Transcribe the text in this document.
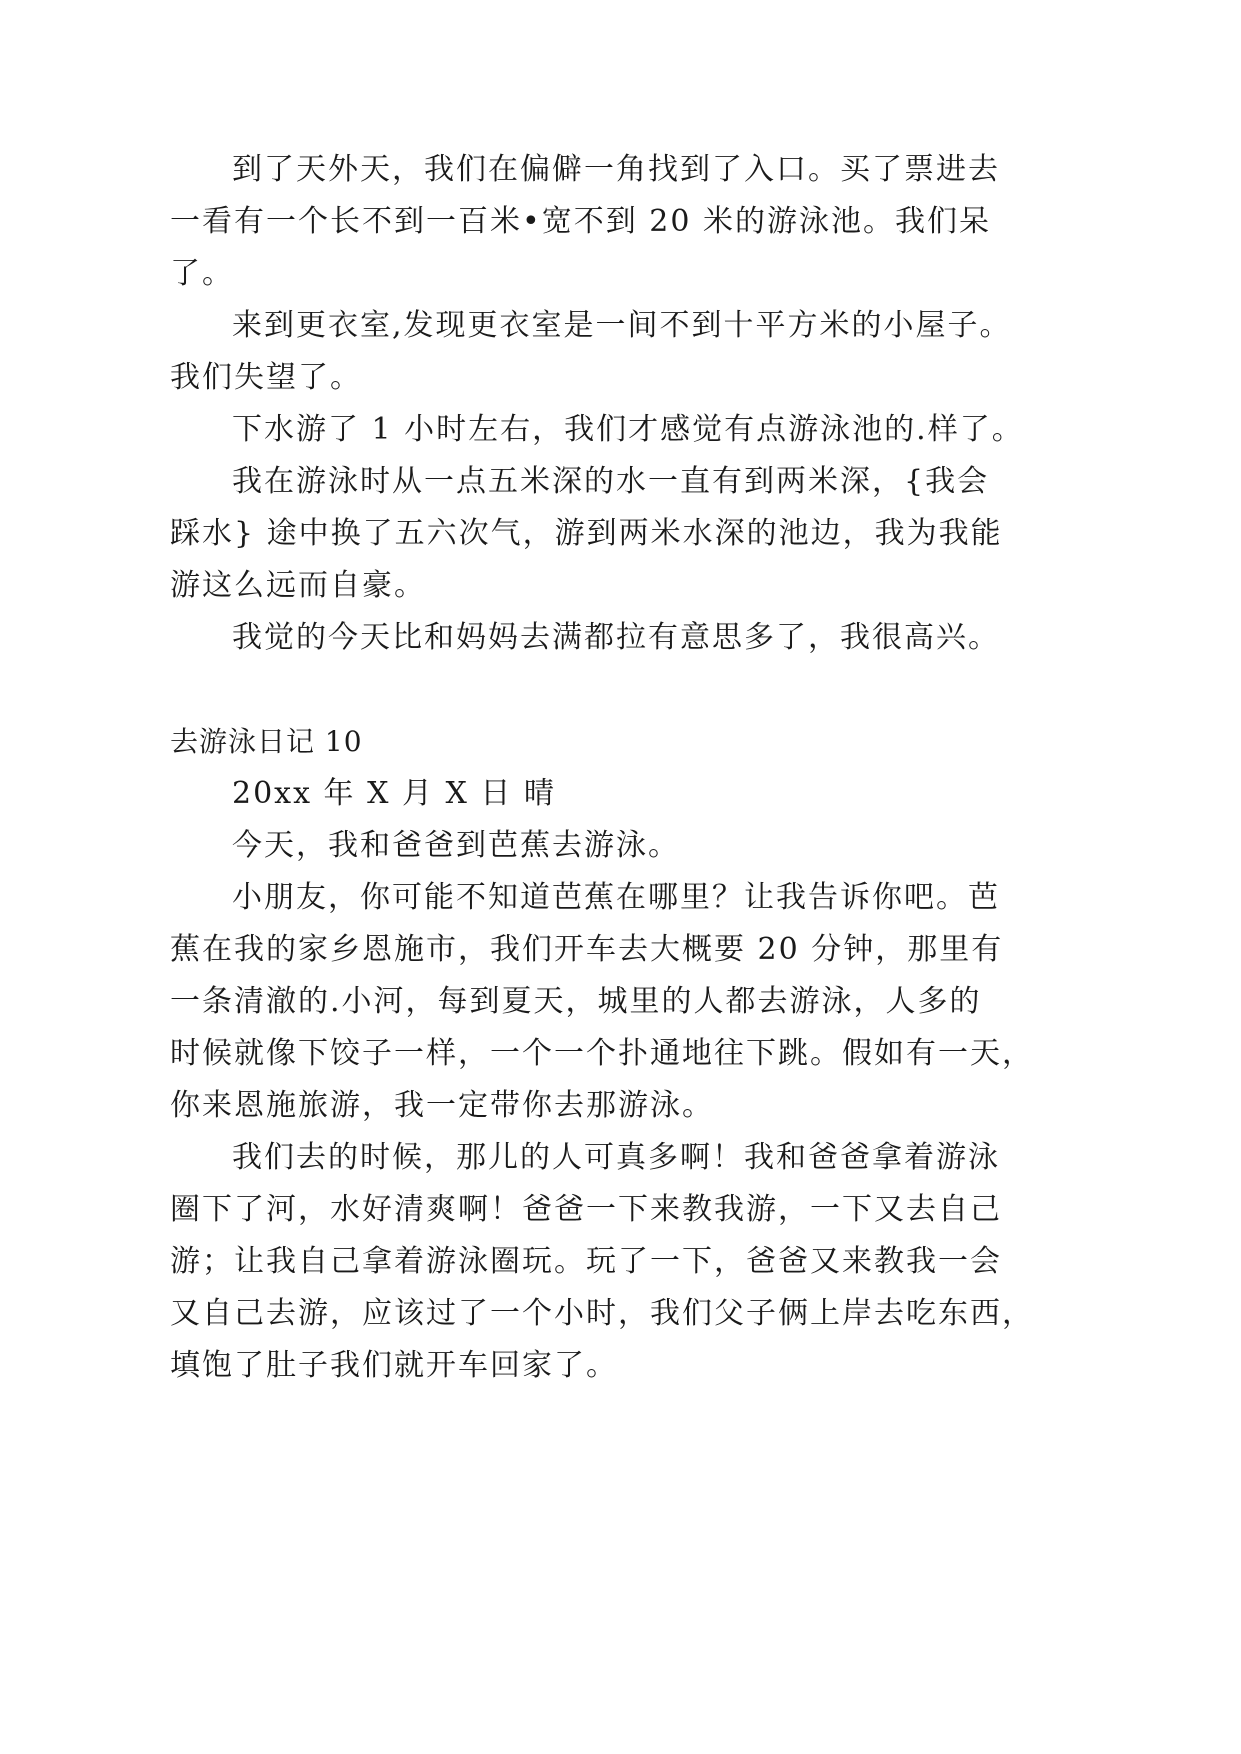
到了天外天，我们在偏僻一角找到了入口。买了票进去
一看有一个长不到一百米•宽不到 20 米的游泳池。我们呆
了。
来到更衣室,发现更衣室是一间不到十平方米的小屋子。
我们失望了。
下水游了 1 小时左右，我们才感觉有点游泳池的.样了。
我在游泳时从一点五米深的水一直有到两米深，{我会
踩水} 途中换了五六次气，游到两米水深的池边，我为我能
游这么远而自豪。
我觉的今天比和妈妈去满都拉有意思多了，我很高兴。
去游泳日记 10
20xx 年 X 月 X 日 晴
今天，我和爸爸到芭蕉去游泳。
小朋友，你可能不知道芭蕉在哪里？让我告诉你吧。芭
蕉在我的家乡恩施市，我们开车去大概要 20 分钟，那里有
一条清澈的.小河，每到夏天，城里的人都去游泳，人多的
时候就像下饺子一样，一个一个扑通地往下跳。假如有一天，
你来恩施旅游，我一定带你去那游泳。
我们去的时候，那儿的人可真多啊！我和爸爸拿着游泳
圈下了河，水好清爽啊！爸爸一下来教我游，一下又去自己
游；让我自己拿着游泳圈玩。玩了一下，爸爸又来教我一会
又自己去游，应该过了一个小时，我们父子俩上岸去吃东西，
填饱了肚子我们就开车回家了。
